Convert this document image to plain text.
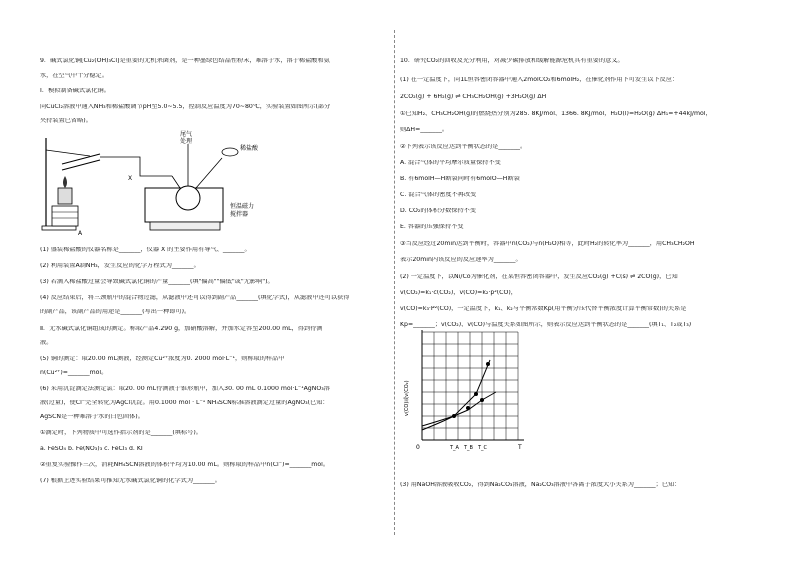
9．碱式氯化铜[Cu₂(OH)₃Cl]是重要的无机杀菌剂，是一种墨绿色结晶性粉末，难溶于水，溶于稀盐酸和氨
水，在空气中十分稳定。
Ⅰ．模拟制备碱式氯化铜。
向CuCl₂溶液中通入NH₃和稀盐酸调节pH至5.0~5.5，控制反应温度为70~80℃，实验装置如图所示(部分
夹持装置已省略)。
A
X
尾气
处理
稀盐酸
恒温磁力
搅拌器
(1) 盛装稀盐酸的仪器名称是_______，仪器 X 的主要作用有导气、_______。
(2) 利用装置A制NH₃，发生反应的化学方程式为_______。
(3) 若滴入稀盐酸过量会导致碱式氯化铜的产量_______(填"偏高""偏低"或"无影响")。
(4) 反应结束后，将三颈瓶中的混合物过滤，从滤液中还可以得到副产品_______(填化学式)，从滤液中还可以获得
的副产品，该副产品的用途是_______(写出一种即可)。
Ⅱ．无水碱式氯化铜组成的测定。称取产品4.290 g，加硝酸溶解，并加水定容至200.00 mL，得到待测
液。
(5) 铜的测定：取20.00 mL测液，经测定Cu²⁺浓度为0. 2000 mol·L⁻¹，则称取的样品中
n(Cu²⁺)=_______mol。
(6) 采用沉淀滴定法测定氯：取20. 00 mL待测液于锥形瓶中，加入30. 00 mL 0.1000 mol·L⁻¹AgNO₃溶
液(过量)，使Cl⁻完全转化为AgCl沉淀。用0.1000 mol · L⁻¹ NH₄SCN标准溶液滴定过量的AgNO₃(已知：
AgSCN是一种难溶于水的白色固体)。
①滴定时，下列物质中可选作指示剂的是_______(填标号)。
a. FeSO₄ b. Fe(NO₃)₃ c. FeCl₃ d. KI
②重复实验操作三次，消耗NH₄SCN溶液的体积平均为10.00 mL。则称取的样品中n(Cl⁻)=_______mol。
(7) 根据上述实验结果可推知无水碱式氯化铜的化学式为_______。
10．研究CO₂的回收及充分利用，对减少碳排放和缓解能源危机具有重要的意义。
(1) 在一定温度下，向1L恒容密闭容器中通入2molCO₂和6molH₂，在催化剂作用下可发生以下反应：
2CO₂(g) + 6H₂(g) ⇌ CH₃CH₂OH(g) +3H₂O(g) ΔH
①已知H₂、CH₃CH₂OH(g)的燃烧热分别为285. 8KJ/mol、1366. 8KJ/mol，H₂O(l)=H₂O(g) ΔH₁=+44kJ/mol，
则ΔH=_______。
②下列表示该反应达到平衡状态的是_______。
A. 混合气体的平均摩尔质量保持不变
B. 有6molH—H断裂同时有6molO—H断裂
C. 混合气体的密度不再改变
D. CO₂的体积分数保持不变
E. 容器的压强保持不变
③当反应经过20min达到平衡时，容器中n(CO₂)与n(H₂O)相等，此时H₂的转化率为_______，用CH₃CH₂OH
表示20min内该反应的反应速率为_______。
(2) 一定温度下，以Ni/Co为催化剂，在某恒容密闭容器中，发生反应CO₂(g) +C(s) ⇌ 2CO(g)，已知
v(CO₂)=k₁·c(CO₂)，v(CO)=k₂·p²(CO)，
v(CO)=k₃·P²(CO)，一定温度下，k₁、k₂与平衡常数Kp(用平衡分压代替平衡浓度计算平衡常数)的关系是
Kp=_______；v(CO₂)、v(CO)与温度关系如图所示，则表示反应达到平衡状态的是_______(填T₁、T₂或T₃)
v(CO)或v(CO₂)
0	T
T_A T_B T_C
(3) 用NaOH溶液吸收CO₂，得到Na₂CO₃溶液，Na₂CO₃溶液中各离子浓度大小关系为_______；已知：
